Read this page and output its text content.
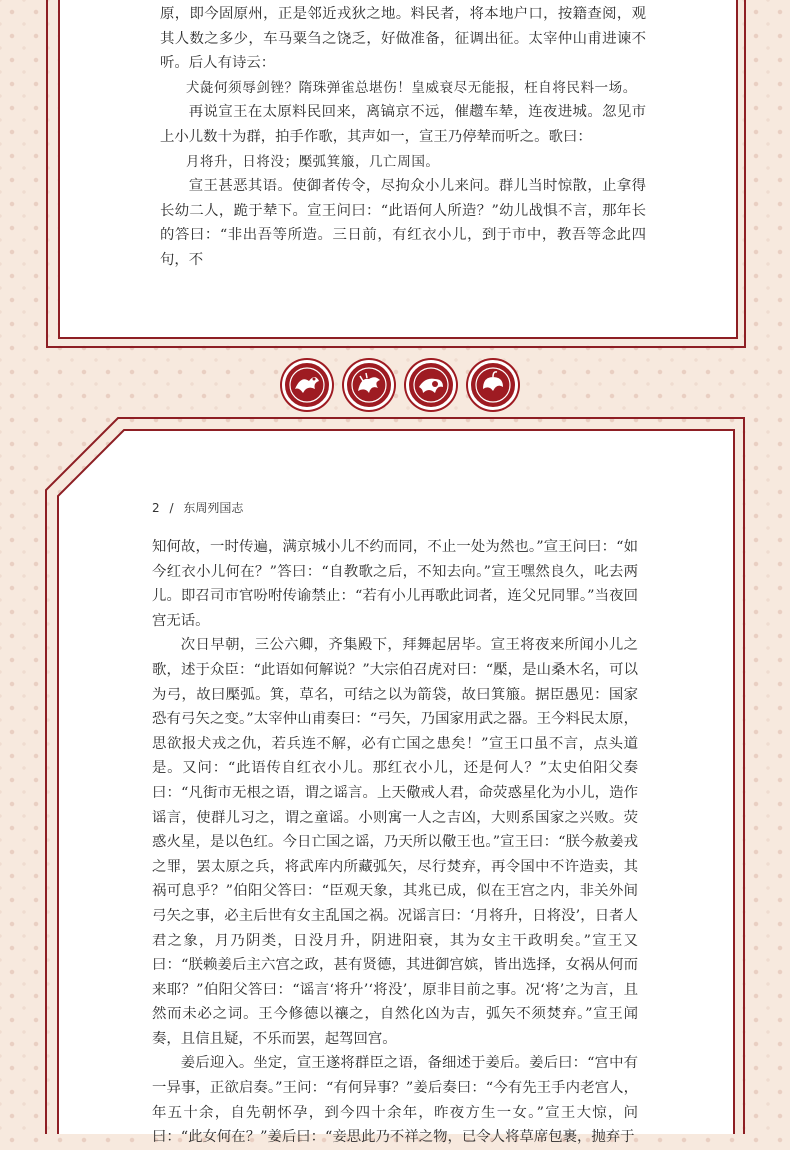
原，即今固原州，正是邻近戎狄之地。料民者，将本地户口，按籍查阅，观其人数之多少，车马粟刍之饶乏，好做准备，征调出征。太宰仲山甫进谏不听。后人有诗云：

犬彘何须辱剑锉？隋珠弹雀总堪伤！皇威衰尽无能报，枉自将民料一场。

再说宣王在太原料民回来，离镐京不远，催趱车辇，连夜进城。忽见市上小儿数十为群，拍手作歌，其声如一，宣王乃停辇而听之。歌曰：

月将升，日将没；檿弧箕箙，几亡周国。

宣王甚恶其语。使御者传令，尽拘众小儿来问。群儿当时惊散，止拿得长幼二人，跪于辇下。宣王问曰：“此语何人所造？”幼儿战惧不言，那年长的答曰：“非出吾等所造。三日前，有红衣小儿，到于市中，教吾等念此四句，不

2 / 东周列国志

知何故，一时传遍，满京城小儿不约而同，不止一处为然也。”宣王问曰：“如今红衣小儿何在？”答曰：“自教歌之后，不知去向。”宣王嘿然良久，叱去两儿。即召司市官吩咐传谕禁止：“若有小儿再歌此词者，连父兄同罪。”当夜回宫无话。

次日早朝，三公六卿，齐集殿下，拜舞起居毕。宣王将夜来所闻小儿之歌，述于众臣：“此语如何解说？”大宗伯召虎对曰：“檿，是山桑木名，可以为弓，故曰檿弧。箕，草名，可结之以为箭袋，故曰箕箙。据臣愚见：国家恐有弓矢之变。”太宰仲山甫奏曰：“弓矢，乃国家用武之器。王今料民太原，思欲报犬戎之仇，若兵连不解，必有亡国之患矣！”宣王口虽不言，点头道是。又问：“此语传自红衣小儿。那红衣小儿，还是何人？”太史伯阳父奏曰：“凡街市无根之语，谓之谣言。上天儆戒人君，命荧惑星化为小儿，造作谣言，使群儿习之，谓之童谣。小则寓一人之吉凶，大则系国家之兴败。荧惑火星，是以色红。今日亡国之谣，乃天所以儆王也。”宣王曰：“朕今赦姜戎之罪，罢太原之兵，将武库内所藏弧矢，尽行焚弃，再令国中不许造卖，其祸可息乎？”伯阳父答曰：“臣观天象，其兆已成，似在王宫之内，非关外间弓矢之事，必主后世有女主乱国之祸。况谣言曰：‘月将升，日将没’，日者人君之象，月乃阴类，日没月升，阴进阳衰，其为女主干政明矣。”宣王又曰：“朕赖姜后主六宫之政，甚有贤德，其进御宫嫔，皆出选择，女祸从何而来耶？”伯阳父答曰：“谣言‘将升’‘将没’，原非目前之事。况‘将’之为言，且然而未必之词。王今修德以禳之，自然化凶为吉，弧矢不须焚弃。”宣王闻奏，且信且疑，不乐而罢，起驾回宫。

姜后迎入。坐定，宣王遂将群臣之语，备细述于姜后。姜后曰：“宫中有一异事，正欲启奏。”王问：“有何异事？”姜后奏曰：“今有先王手内老宫人，年五十余，自先朝怀孕，到今四十余年，昨夜方生一女。”宣王大惊，问曰：“此女何在？”姜后曰：“妾思此乃不祥之物，已令人将草席包裹，抛弃于
